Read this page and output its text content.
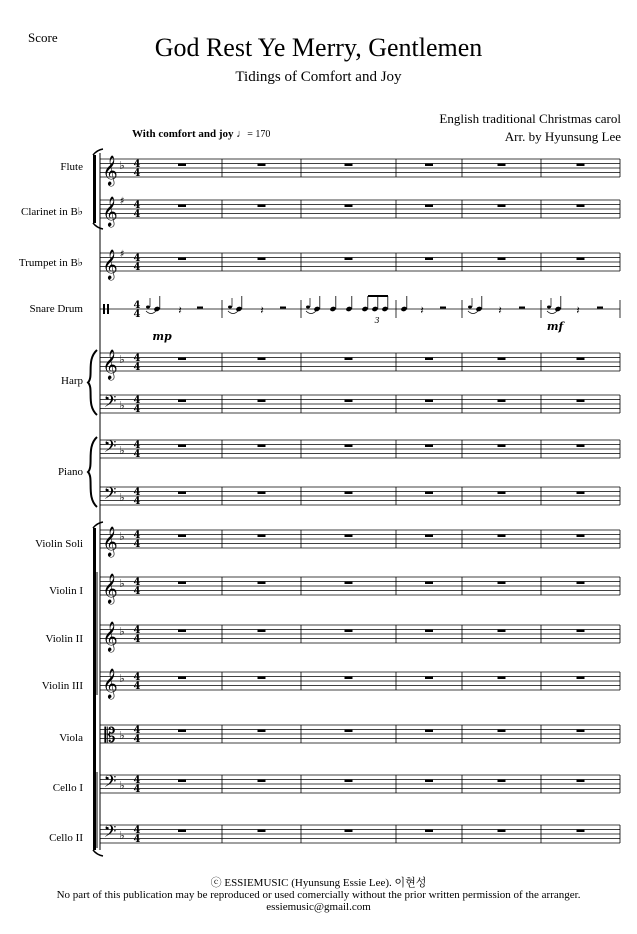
Score	God Rest Ye Merry, Gentlemen
Tidings of Comfort and Joy
English traditional Christmas carol
Arr. by Hyunsung Lee
With comfort and joy ♩= 170
Flute
Clarinet in B♭
Trumpet in B♭
Snare Drum
Harp
Piano
Violin Soli
Violin I
Violin II
Violin III
Viola
Cello I
Cello II
𝄞 ♭ 4
4
𝄞 ♯ 4
4
𝄞 ♯ 4
4
4
4
𝄞 ♭ 4
4
𝄢 ♭ 4
4
𝄢 ♭ 4
4
𝄢 ♭ 4
4
𝄞 ♭ 4
4
𝄞 ♭ 4
4
𝄞 ♭ 4
4
𝄞 ♭ 4
4
𝄡 ♭ 4
4
𝄢 ♭ 4
4
𝄢 ♭ 4
4
𝄽	𝄽
3
𝄽	𝄽	𝄽
mp
mf
ⓒ ESSIEMUSIC (Hyunsung Essie Lee). 이현성
No part of this publication may be reproduced or used comercially without the prior written permission of the arranger.
essiemusic@gmail.com
